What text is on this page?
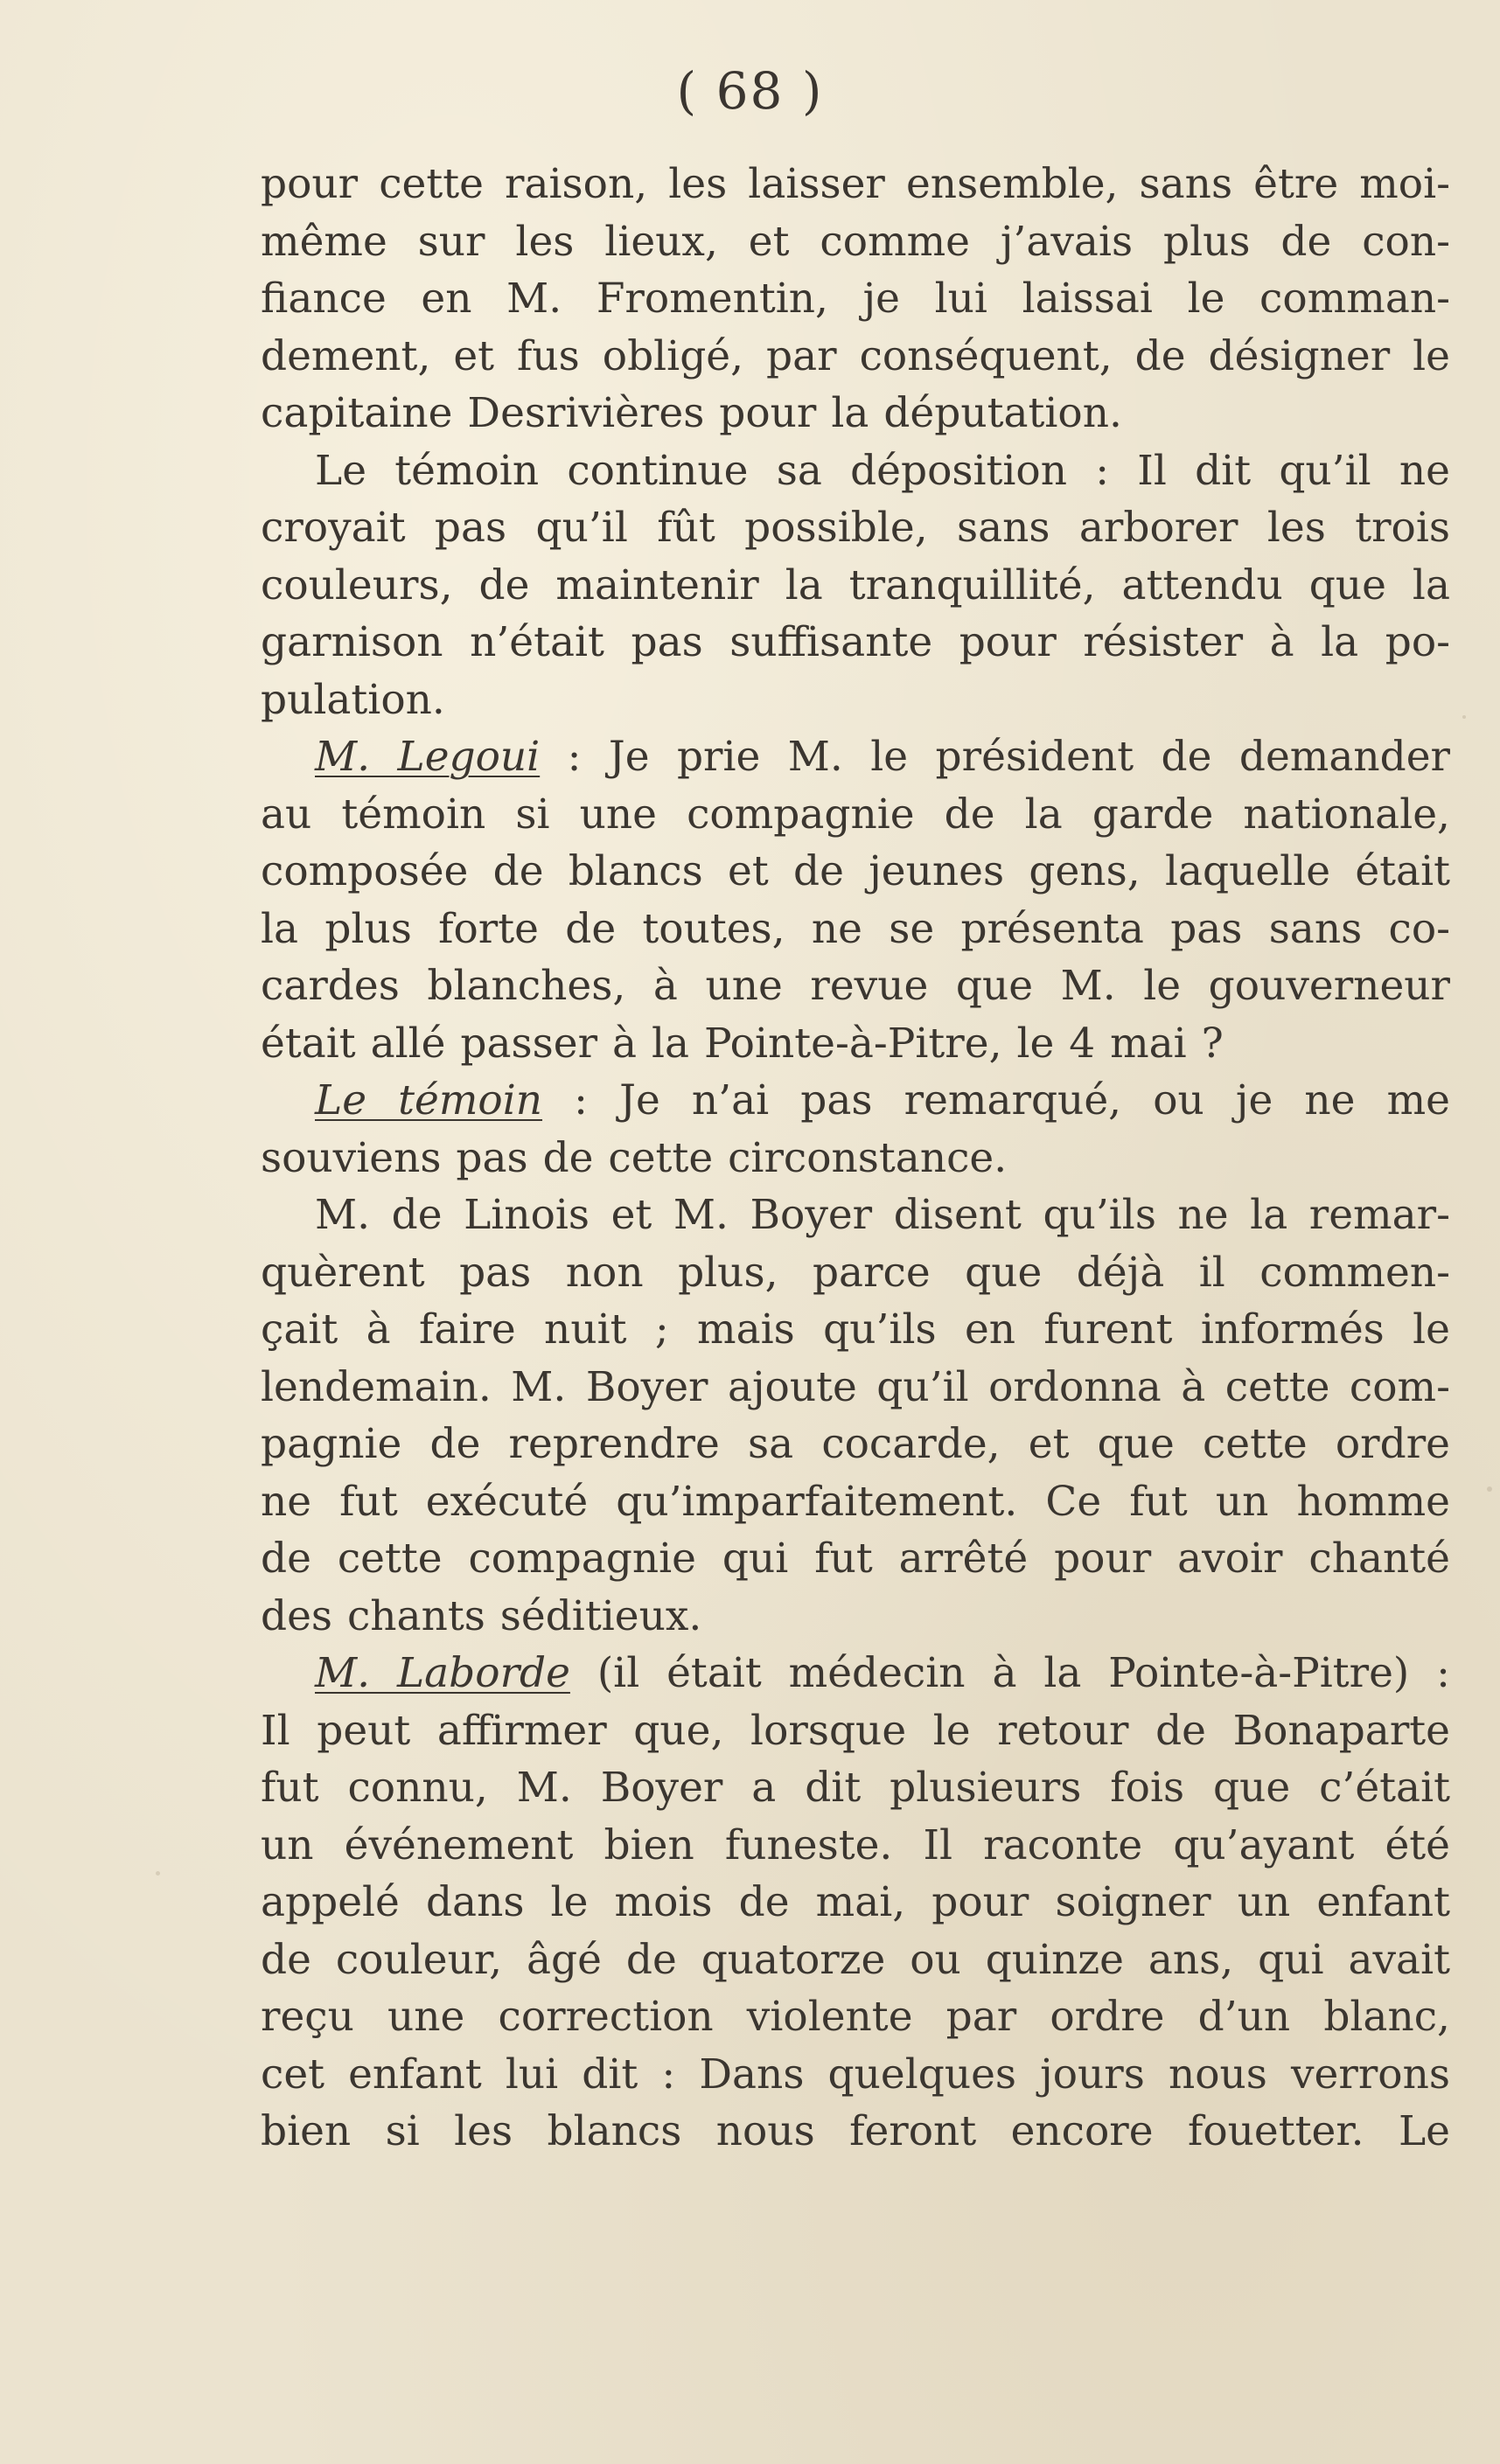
( 68 )
pour cette raison, les laisser ensemble, sans être moi-
même sur les lieux, et comme j’avais plus de con-
fiance en M. Fromentin, je lui laissai le comman-
dement, et fus obligé, par conséquent, de désigner le
capitaine Desrivières pour la députation.
Le témoin continue sa déposition : Il dit qu’il ne
croyait pas qu’il fût possible, sans arborer les trois
couleurs, de maintenir la tranquillité, attendu que la
garnison n’était pas suffisante pour résister à la po-
pulation.
M. Legoui : Je prie M. le président de demander
au témoin si une compagnie de la garde nationale,
composée de blancs et de jeunes gens, laquelle était
la plus forte de toutes, ne se présenta pas sans co-
cardes blanches, à une revue que M. le gouverneur
était allé passer à la Pointe-à-Pitre, le 4 mai ?
Le témoin : Je n’ai pas remarqué, ou je ne me
souviens pas de cette circonstance.
M. de Linois et M. Boyer disent qu’ils ne la remar-
quèrent pas non plus, parce que déjà il commen-
çait à faire nuit ; mais qu’ils en furent informés le
lendemain. M. Boyer ajoute qu’il ordonna à cette com-
pagnie de reprendre sa cocarde, et que cette ordre
ne fut exécuté qu’imparfaitement. Ce fut un homme
de cette compagnie qui fut arrêté pour avoir chanté
des chants séditieux.
M. Laborde (il était médecin à la Pointe-à-Pitre) :
Il peut affirmer que, lorsque le retour de Bonaparte
fut connu, M. Boyer a dit plusieurs fois que c’était
un événement bien funeste. Il raconte qu’ayant été
appelé dans le mois de mai, pour soigner un enfant
de couleur, âgé de quatorze ou quinze ans, qui avait
reçu une correction violente par ordre d’un blanc,
cet enfant lui dit : Dans quelques jours nous verrons
bien si les blancs nous feront encore fouetter. Le
